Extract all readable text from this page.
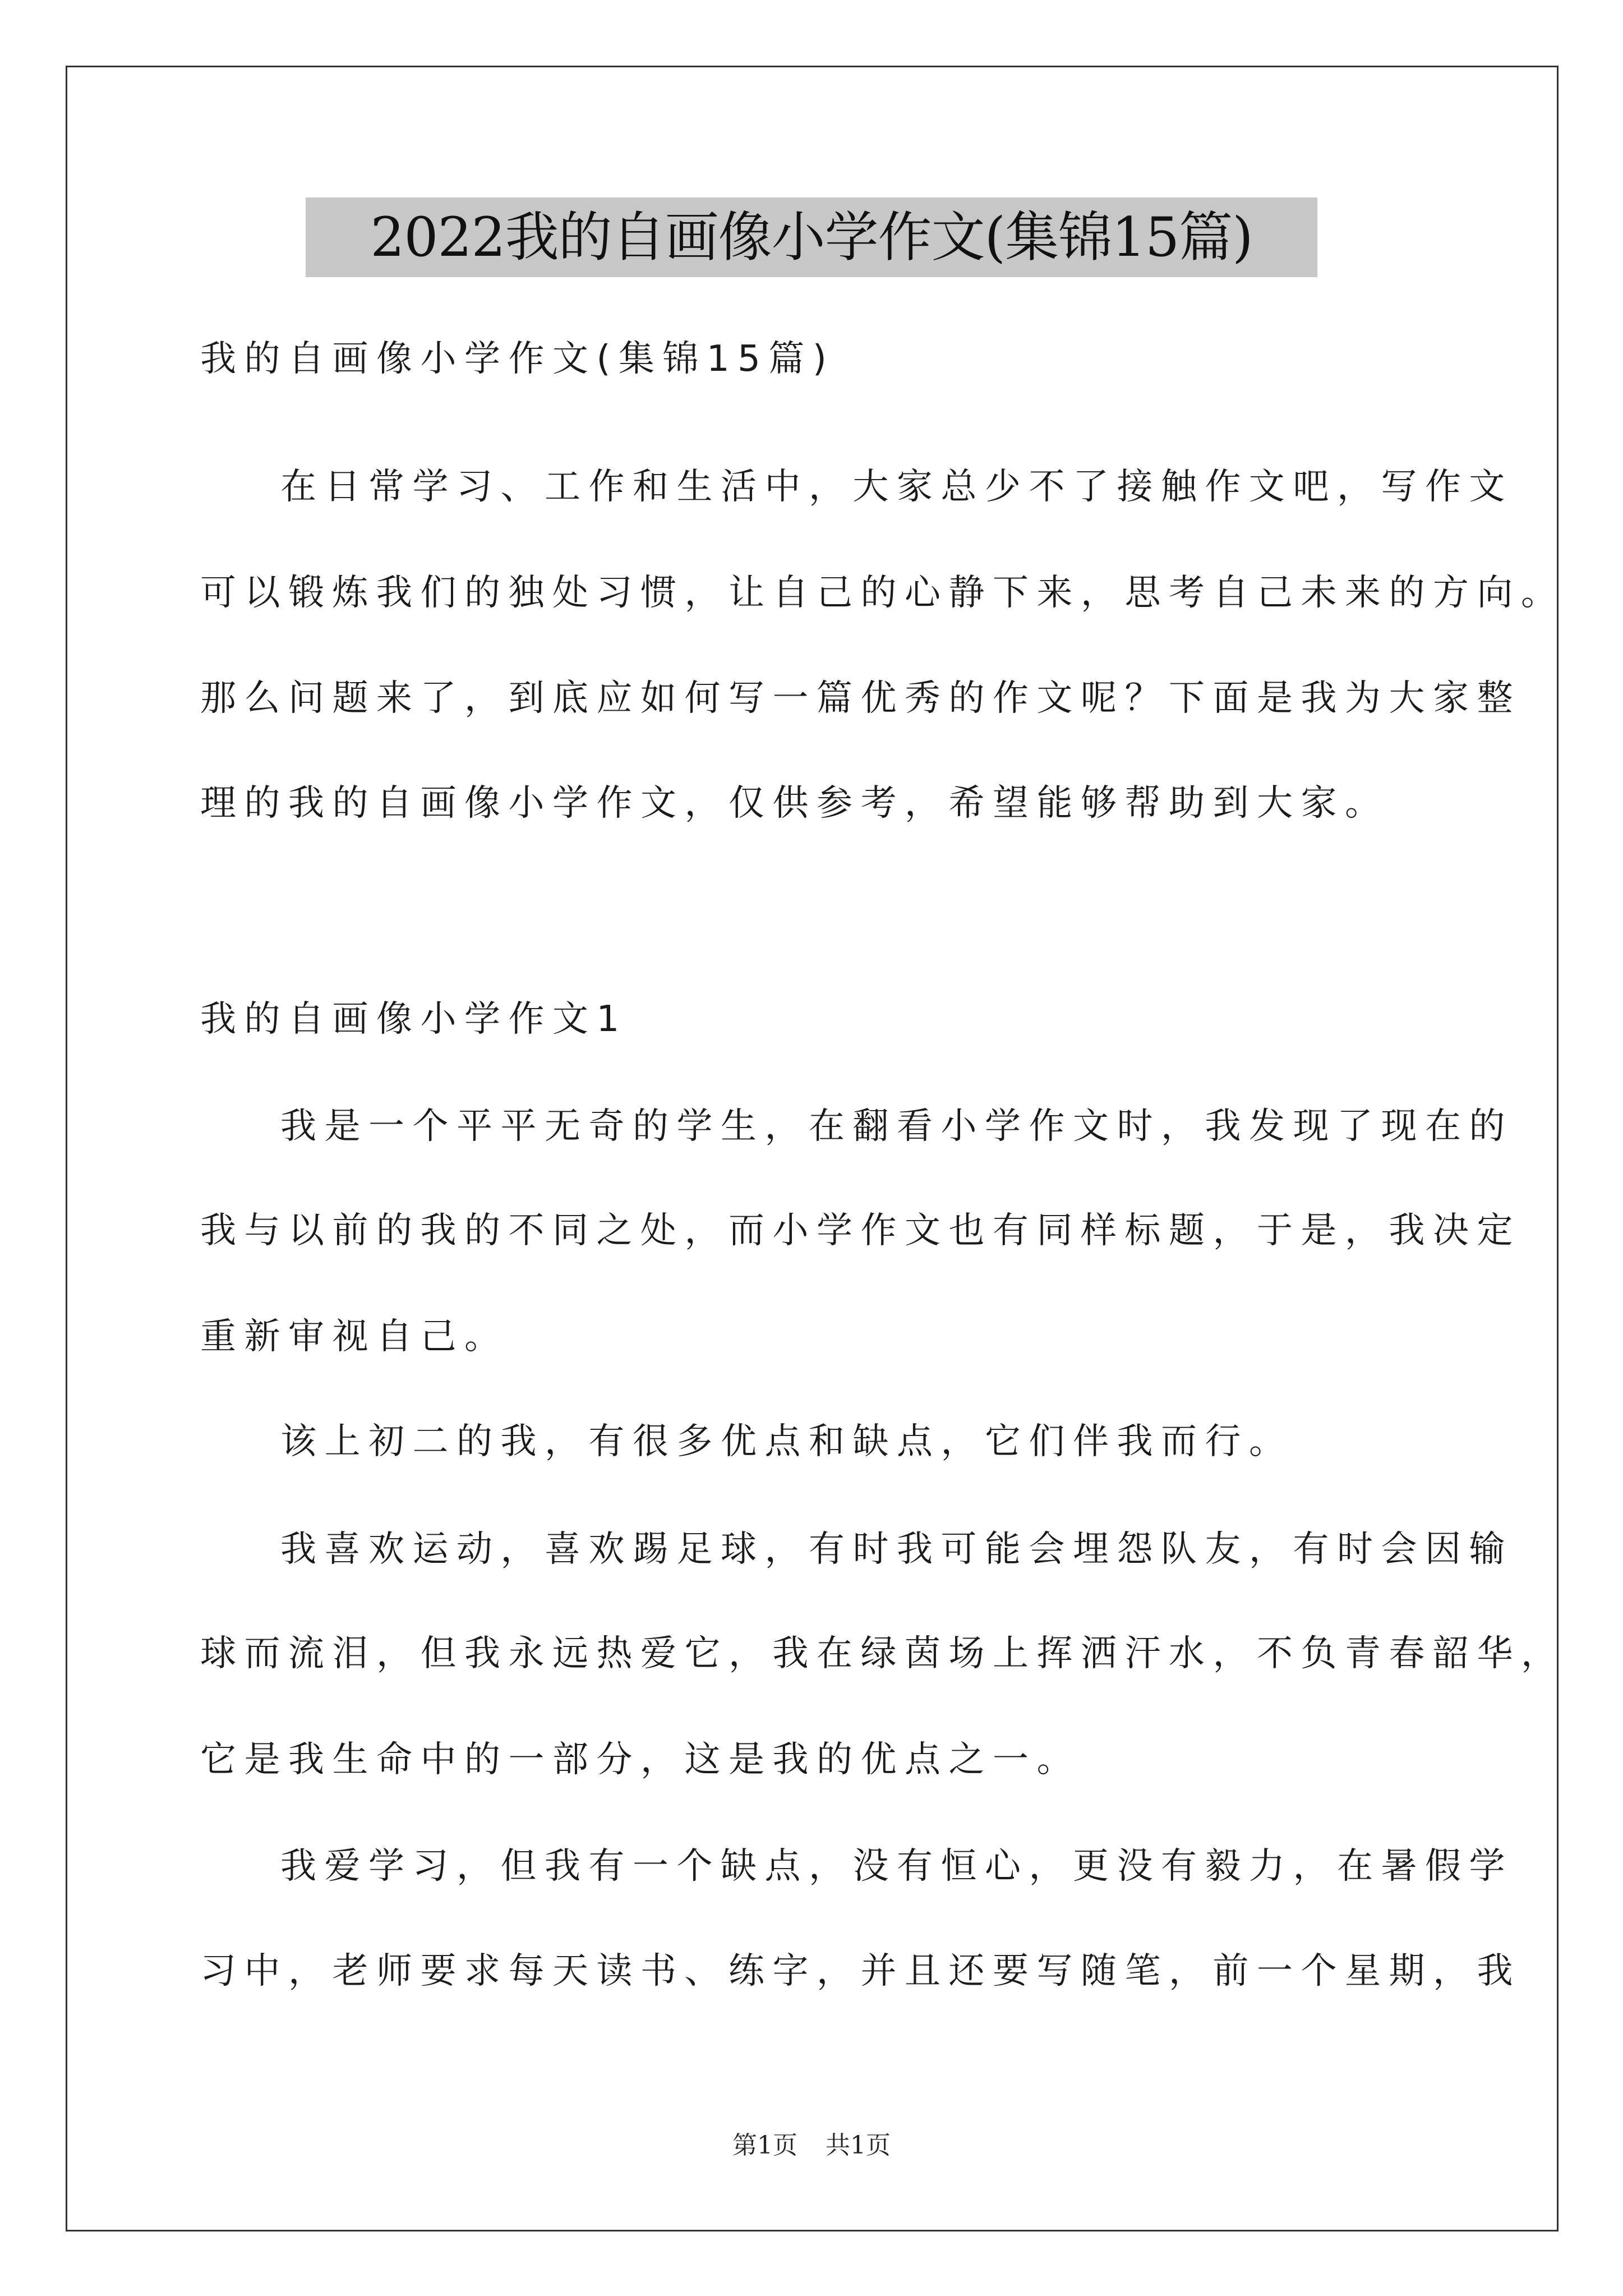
2022我的自画像小学作文(集锦15篇)
我的自画像小学作文(集锦15篇)
在日常学习、工作和生活中，大家总少不了接触作文吧，写作文
可以锻炼我们的独处习惯，让自己的心静下来，思考自己未来的方向。
那么问题来了，到底应如何写一篇优秀的作文呢？下面是我为大家整
理的我的自画像小学作文，仅供参考，希望能够帮助到大家。
我的自画像小学作文1
我是一个平平无奇的学生，在翻看小学作文时，我发现了现在的
我与以前的我的不同之处，而小学作文也有同样标题，于是，我决定
重新审视自己。
该上初二的我，有很多优点和缺点，它们伴我而行。
我喜欢运动，喜欢踢足球，有时我可能会埋怨队友，有时会因输
球而流泪，但我永远热爱它，我在绿茵场上挥洒汗水，不负青春韶华，
它是我生命中的一部分，这是我的优点之一。
我爱学习，但我有一个缺点，没有恒心，更没有毅力，在暑假学
习中，老师要求每天读书、练字，并且还要写随笔，前一个星期，我
第1页 共1页
